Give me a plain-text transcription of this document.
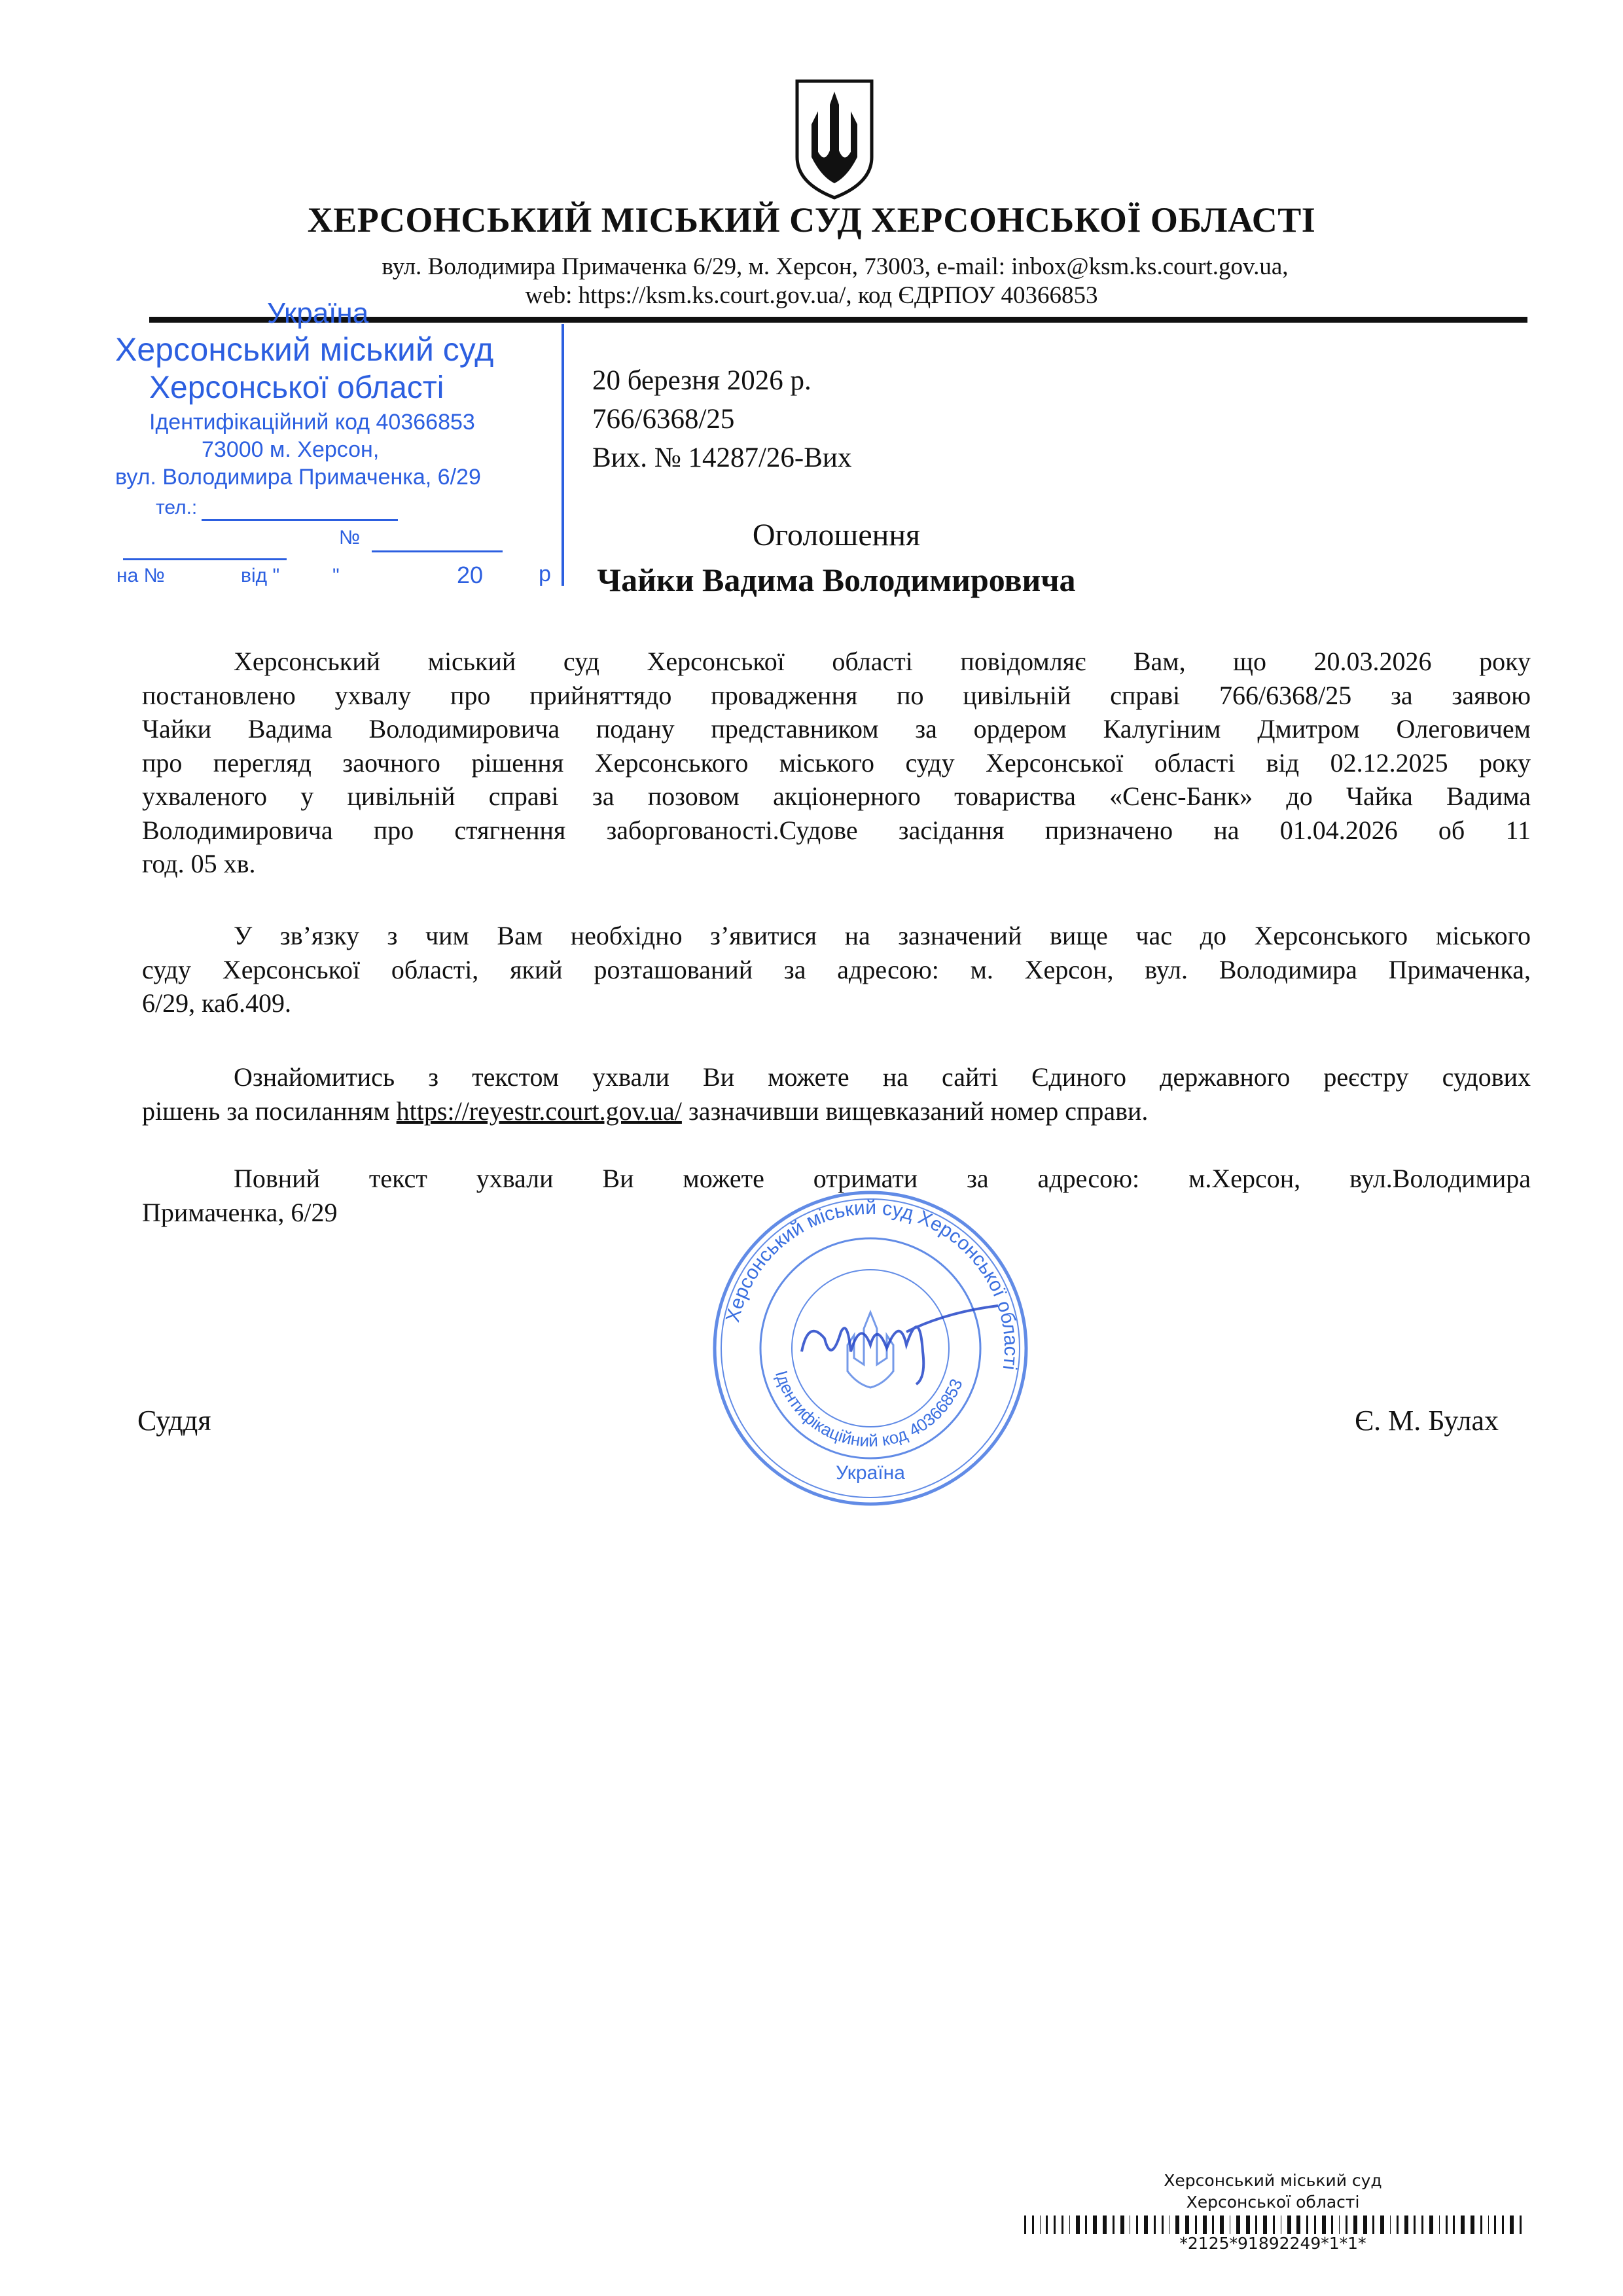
ХЕРСОНСЬКИЙ МІСЬКИЙ СУД ХЕРСОНСЬКОЇ ОБЛАСТІ
вул. Володимира Примаченка 6/29, м. Херсон, 73003, e-mail: inbox@ksm.ks.court.gov.ua,
web: https://ksm.ks.court.gov.ua/, код ЄДРПОУ 40366853
Україна
Херсонський міський суд
Херсонської області
Ідентифікаційний код 40366853
73000 м. Херсон,
вул. Володимира Примаченка, 6/29
тел.:
№
на №	від "	"	20 р
20 березня 2026 р.
766/6368/25
Вих. № 14287/26-Вих
Оголошення
Чайки Вадима Володимировича
Херсонський міський суд Херсонської області повідомляє Вам, що 20.03.2026 року
постановлено ухвалу про прийняттядо провадження по цивільній справі 766/6368/25 за заявою
Чайки Вадима Володимировича подану представником за ордером Калугіним Дмитром Олеговичем
про перегляд заочного рішення Херсонського міського суду Херсонської області від 02.12.2025 року
ухваленого у цивільній справі за позовом акціонерного товариства «Сенс-Банк» до Чайка Вадима
Володимировича про стягнення заборгованості.Судове засідання призначено на 01.04.2026 об 11
год. 05 хв.
У зв’язку з чим Вам необхідно з’явитися на зазначений вище час до Херсонського міського
суду Херсонської області, який розташований за адресою: м. Херсон, вул. Володимира Примаченка,
6/29, каб.409.
Ознайомитись з текстом ухвали Ви можете на сайті Єдиного державного реєстру судових
рішень за посиланням https://reyestr.court.gov.ua/ зазначивши вищевказаний номер справи.
Повний текст ухвали Ви можете отримати за адресою: м.Херсон, вул.Володимира
Примаченка, 6/29
Херсонський міський суд Херсонської області
Ідентифікаційний код 40366853
Україна
Суддя	Є. М. Булах
Херсонський міський суд
Херсонської області
*2125*91892249*1*1*
